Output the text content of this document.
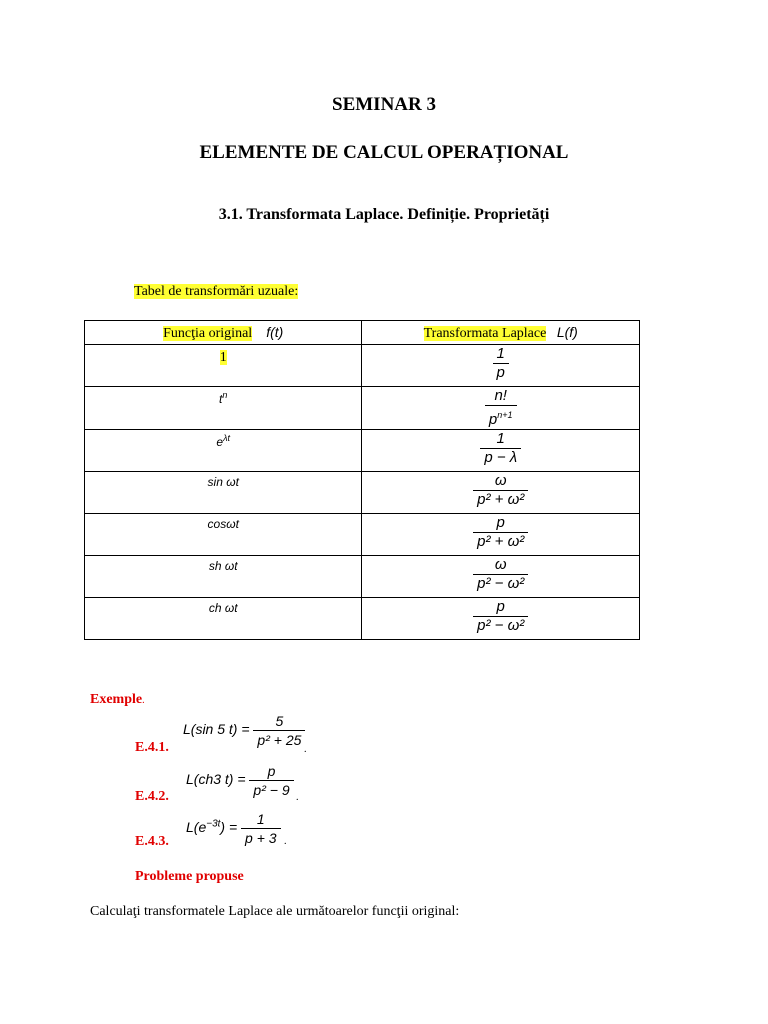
SEMINAR 3
ELEMENTE DE CALCUL OPERAȚIONAL
3.1. Transformata Laplace. Definiție. Proprietăți
Tabel de transformări uzuale:
Funcţia original f(t)	Transformata Laplace L(f)
1	$\frac{1}{p}$

$t^n$	$\frac{n!}{p^{n+1}}$

$e^{\lambda t}$	$\frac{1}{p - \lambda}$

sin ωt	$\frac{\omega}{\text{p² + ω²}}$

cosωt	$\frac{p}{\text{p² + ω²}}$

sh ωt	$\frac{\omega}{\text{p² − ω²}}$

ch ωt	$\frac{p}{\text{p² − ω²}}$
Exemple.
L(sin 5 $t) = \frac{5}{\text{p² + 25}}$
E.4.1.	.
L(ch3 $t) = \frac{p}{\text{p² − 9}}$
E.4.2.	.
$L(e^{-3t}) = \frac{1}{p + 3}$
E.4.3.	.
Probleme propuse
Calculaţi transformatele Laplace ale următoarelor funcţii original:
